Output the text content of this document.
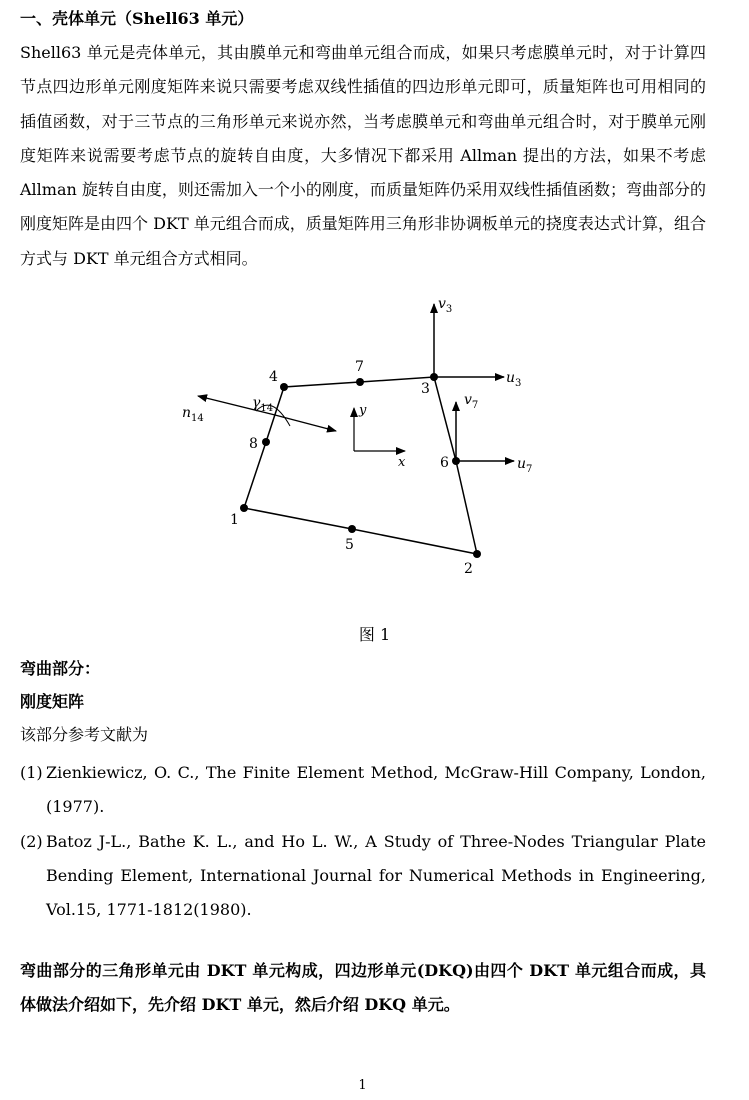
一、壳体单元（Shell63 单元）
Shell63 单元是壳体单元，其由膜单元和弯曲单元组合而成，如果只考虑膜单元时，对于计算四节点四边形单元刚度矩阵来说只需要考虑双线性插值的四边形单元即可，质量矩阵也可用相同的插值函数，对于三节点的三角形单元来说亦然，当考虑膜单元和弯曲单元组合时，对于膜单元刚度矩阵来说需要考虑节点的旋转自由度，大多情况下都采用 Allman 提出的方法，如果不考虑 Allman 旋转自由度，则还需加入一个小的刚度，而质量矩阵仍采用双线性插值函数；弯曲部分的刚度矩阵是由四个 DKT 单元组合而成，质量矩阵用三角形非协调板单元的挠度表达式计算，组合方式与 DKT 单元组合方式相同。
1
2
3
4
5
6
7
8
$v_3$
$u_3$
$v_7$
$u_7$
y
x
$n_{14}$
$\gamma_{14}$
图 1
弯曲部分：
刚度矩阵
该部分参考文献为
(1) Zienkiewicz, O. C., The Finite Element Method, McGraw-Hill Company, London, (1977).
(2) Batoz J-L., Bathe K. L., and Ho L. W., A Study of Three-Nodes Triangular Plate Bending Element, International Journal for Numerical Methods in Engineering, Vol.15, 1771-1812(1980).
弯曲部分的三角形单元由 DKT 单元构成，四边形单元(DKQ)由四个 DKT 单元组合而成，具体做法介绍如下，先介绍 DKT 单元，然后介绍 DKQ 单元。
1
